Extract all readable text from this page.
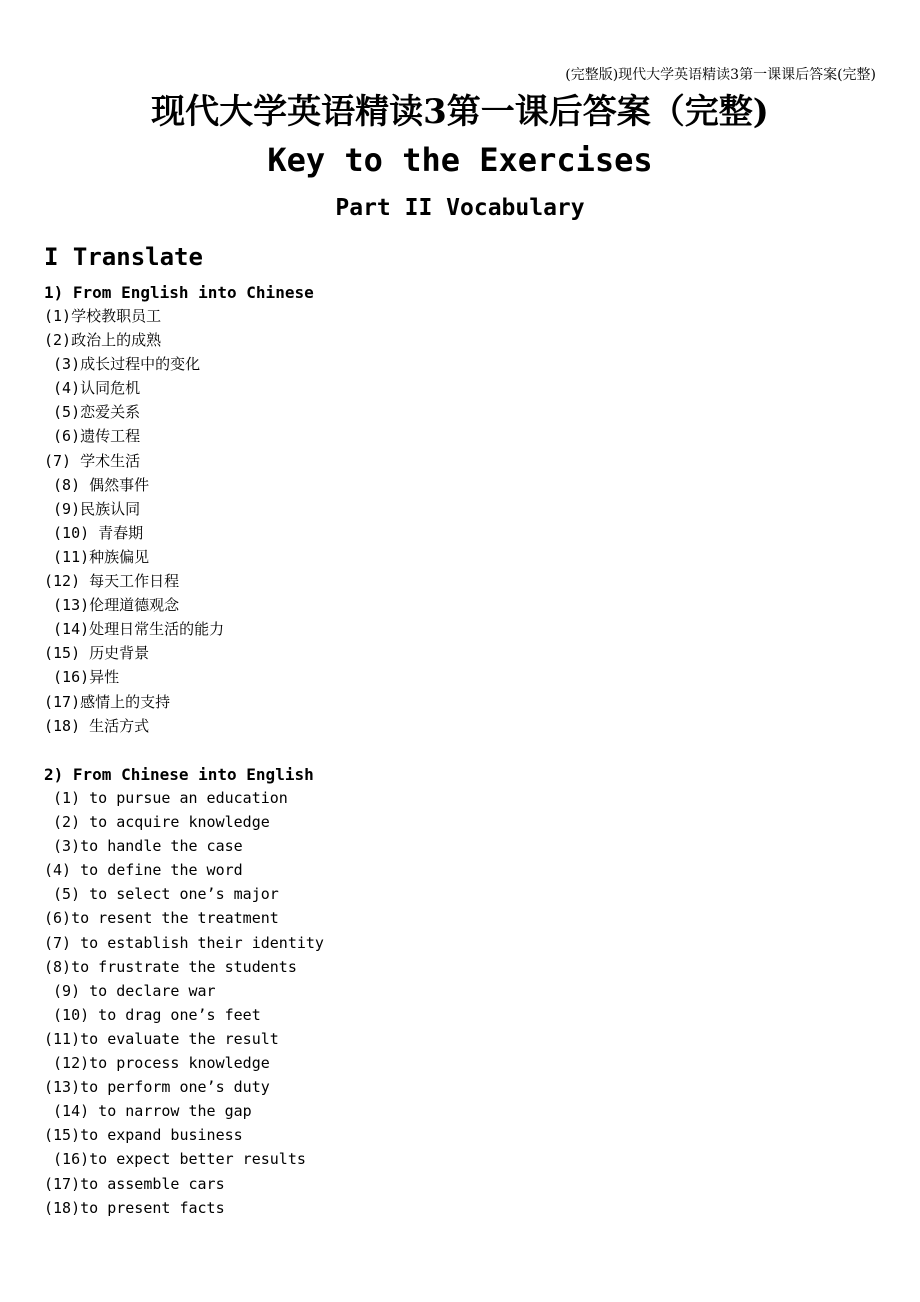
(完整版)现代大学英语精读3第一课课后答案(完整)
现代大学英语精读3第一课后答案（完整)
Key to the Exercises
Part II Vocabulary
I Translate
1) From English into Chinese
(1)学校教职员工
(2)政治上的成熟
(3)成长过程中的变化
(4)认同危机
(5)恋爱关系
(6)遗传工程
(7) 学术生活
(8) 偶然事件
(9)民族认同
(10) 青春期
(11)种族偏见
(12) 每天工作日程
(13)伦理道德观念
(14)处理日常生活的能力
(15) 历史背景
(16)异性
(17)感情上的支持
(18) 生活方式
2) From Chinese into English
(1) to pursue an education
(2) to acquire knowledge
(3)to handle the case
(4) to define the word
(5) to select one’s major
(6)to resent the treatment
(7) to establish their identity
(8)to frustrate the students
(9) to declare war
(10) to drag one’s feet
(11)to evaluate the result
(12)to process knowledge
(13)to perform one’s duty
(14) to narrow the gap
(15)to expand business
(16)to expect better results
(17)to assemble cars
(18)to present facts
